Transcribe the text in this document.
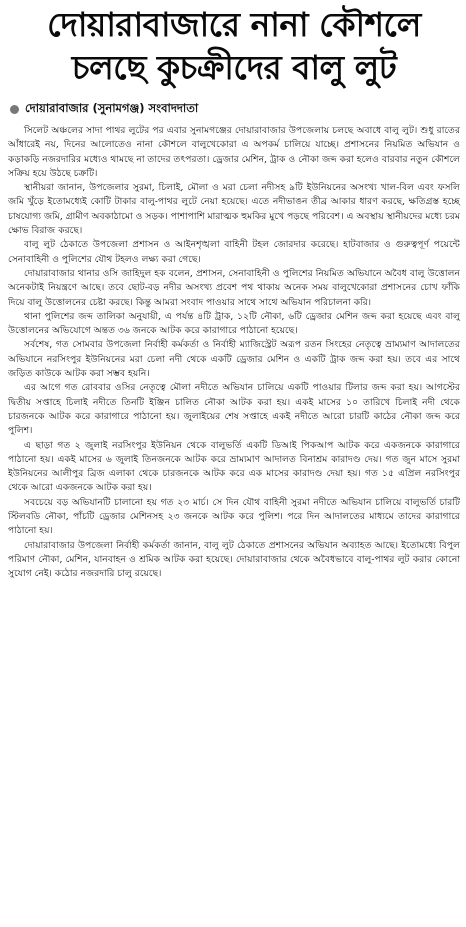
দোয়ারাবাজারে নানা কৌশলে
চলছে কুচক্রীদের বালু লুট
দোয়ারাবাজার (সুনামগঞ্জ) সংবাদদাতা

সিলেট অঞ্চলের সাদা পাথর লুটের পর এবার সুনামগঞ্জের দোয়ারাবাজার উপজেলায় চলছে অবাধে বালু লুট। শুধু রাতের আঁধারেই নয়, দিনের আলোতেও নানা কৌশলে বালুখেকোরা এ অপকর্ম চালিয়ে যাচ্ছে। প্রশাসনের নিয়মিত অভিযান ও কড়াকড়ি নজরদারির মধ্যেও থামছে না তাদের তৎপরতা। ড্রেজার মেশিন, ট্রাক ও নৌকা জব্দ করা হলেও বারবার নতুন কৌশলে সক্রিয় হয়ে উঠছে চক্রটি।

স্থানীয়রা জানান, উপজেলার সুরমা, চিলাই, মৌলা ও মরা চেলা নদীসহ ৯টি ইউনিয়নের অসংখ্য খাল-বিল এবং ফসলি জমি খুঁড়ে ইতোমধ্যেই কোটি টাকার বালু-পাথর লুটে নেয়া হয়েছে। এতে নদীভাঙন তীব্র আকার ধারণ করছে, ক্ষতিগ্রস্ত হচ্ছে চাষযোগ্য জমি, গ্রামীণ অবকাঠামো ও সড়ক। পাশাপাশি মারাত্মক হুমকির মুখে পড়ছে পরিবেশ। এ অবস্থায় স্থানীয়দের মধ্যে চরম ক্ষোভ বিরাজ করছে।

বালু লুট ঠেকাতে উপজেলা প্রশাসন ও আইনশৃঙ্খলা বাহিনী টহল জোরদার করেছে। হাটবাজার ও গুরুত্বপূর্ণ পয়েন্টে সেনাবাহিনী ও পুলিশের যৌথ টহলও লক্ষ্য করা গেছে।

দোয়ারাবাজার থানার ওসি জাহিদুল হক বলেন, প্রশাসন, সেনাবাহিনী ও পুলিশের নিয়মিত অভিযানে অবৈধ বালু উত্তোলন অনেকটাই নিয়ন্ত্রণে আছে। তবে ছোট-বড় নদীর অসংখ্য প্রবেশ পথ থাকায় অনেক সময় বালুখেকোরা প্রশাসনের চোখ ফাঁকি দিয়ে বালু উত্তোলনের চেষ্টা করছে। কিন্তু আমরা সংবাদ পাওয়ার সাথে সাথে অভিযান পরিচালনা করি।

থানা পুলিশের জব্দ তালিকা অনুযায়ী, এ পর্যন্ত ৪টি ট্রাক, ১২টি নৌকা, ৬টি ড্রেজার মেশিন জব্দ করা হয়েছে এবং বালু উত্তোলনের অভিযোগে অন্তত ৩৬ জনকে আটক করে কারাগারে পাঠানো হয়েছে।

সর্বশেষ, গত সোমবার উপজেলা নির্বাহী কর্মকর্তা ও নির্বাহী ম্যাজিস্ট্রেট অরূপ রতন সিংহের নেতৃত্বে ভ্রাম্যমাণ আদালতের অভিযানে নরসিংপুর ইউনিয়নের মরা চেলা নদী থেকে একটি ড্রেজার মেশিন ও একটি ট্রাক জব্দ করা হয়। তবে এর সাথে জড়িত কাউকে আটক করা সম্ভব হয়নি।

এর আগে গত রোববার ওসির নেতৃত্বে মৌলা নদীতে অভিযান চালিয়ে একটি পাওয়ার টিলার জব্দ করা হয়। আগস্টের দ্বিতীয় সপ্তাহে চিলাই নদীতে তিনটি ইঞ্জিন চালিত নৌকা আটক করা হয়। একই মাসের ১০ তারিখে চিলাই নদী থেকে চারজনকে আটক করে কারাগারে পাঠানো হয়। জুলাইয়ের শেষ সপ্তাহে একই নদীতে আরো চারটি কাঠের নৌকা জব্দ করে পুলিশ।

এ ছাড়া গত ২ জুলাই নরসিংপুর ইউনিয়ন থেকে বালুভর্তি একটি ডিআই পিকআপ আটক করে একজনকে কারাগারে পাঠানো হয়। একই মাসের ৬ জুলাই তিনজনকে আটক করে ভ্রাম্যমাণ আদালত বিনাশ্রম কারাদণ্ড দেয়। গত জুন মাসে সুরমা ইউনিয়নের আলীপুর ব্রিজ এলাকা থেকে চারজনকে আটক করে এক মাসের কারাদণ্ড দেয়া হয়। গত ১৫ এপ্রিল নরসিংপুর থেকে আরো একজনকে আটক করা হয়।

সবচেয়ে বড় অভিযানটি চালানো হয় গত ২৩ মার্চ। সে দিন যৌথ বাহিনী সুরমা নদীতে অভিযান চালিয়ে বালুভর্তি চারটি স্টিলবডি নৌকা, পাঁচটি ড্রেজার মেশিনসহ ২৩ জনকে আটক করে পুলিশ। পরে দিন আদালতের মাধ্যমে তাদের কারাগারে পাঠানো হয়।

দোয়ারাবাজার উপজেলা নির্বাহী কর্মকর্তা জানান, বালু লুট ঠেকাতে প্রশাসনের অভিযান অব্যাহত আছে। ইতোমধ্যে বিপুল পরিমাণ নৌকা, মেশিন, যানবাহন ও শ্রমিক আটক করা হয়েছে। দোয়ারাবাজার থেকে অবৈধভাবে বালু-পাথর লুট করার কোনো সুযোগ নেই। কঠোর নজরদারি চালু রয়েছে।
